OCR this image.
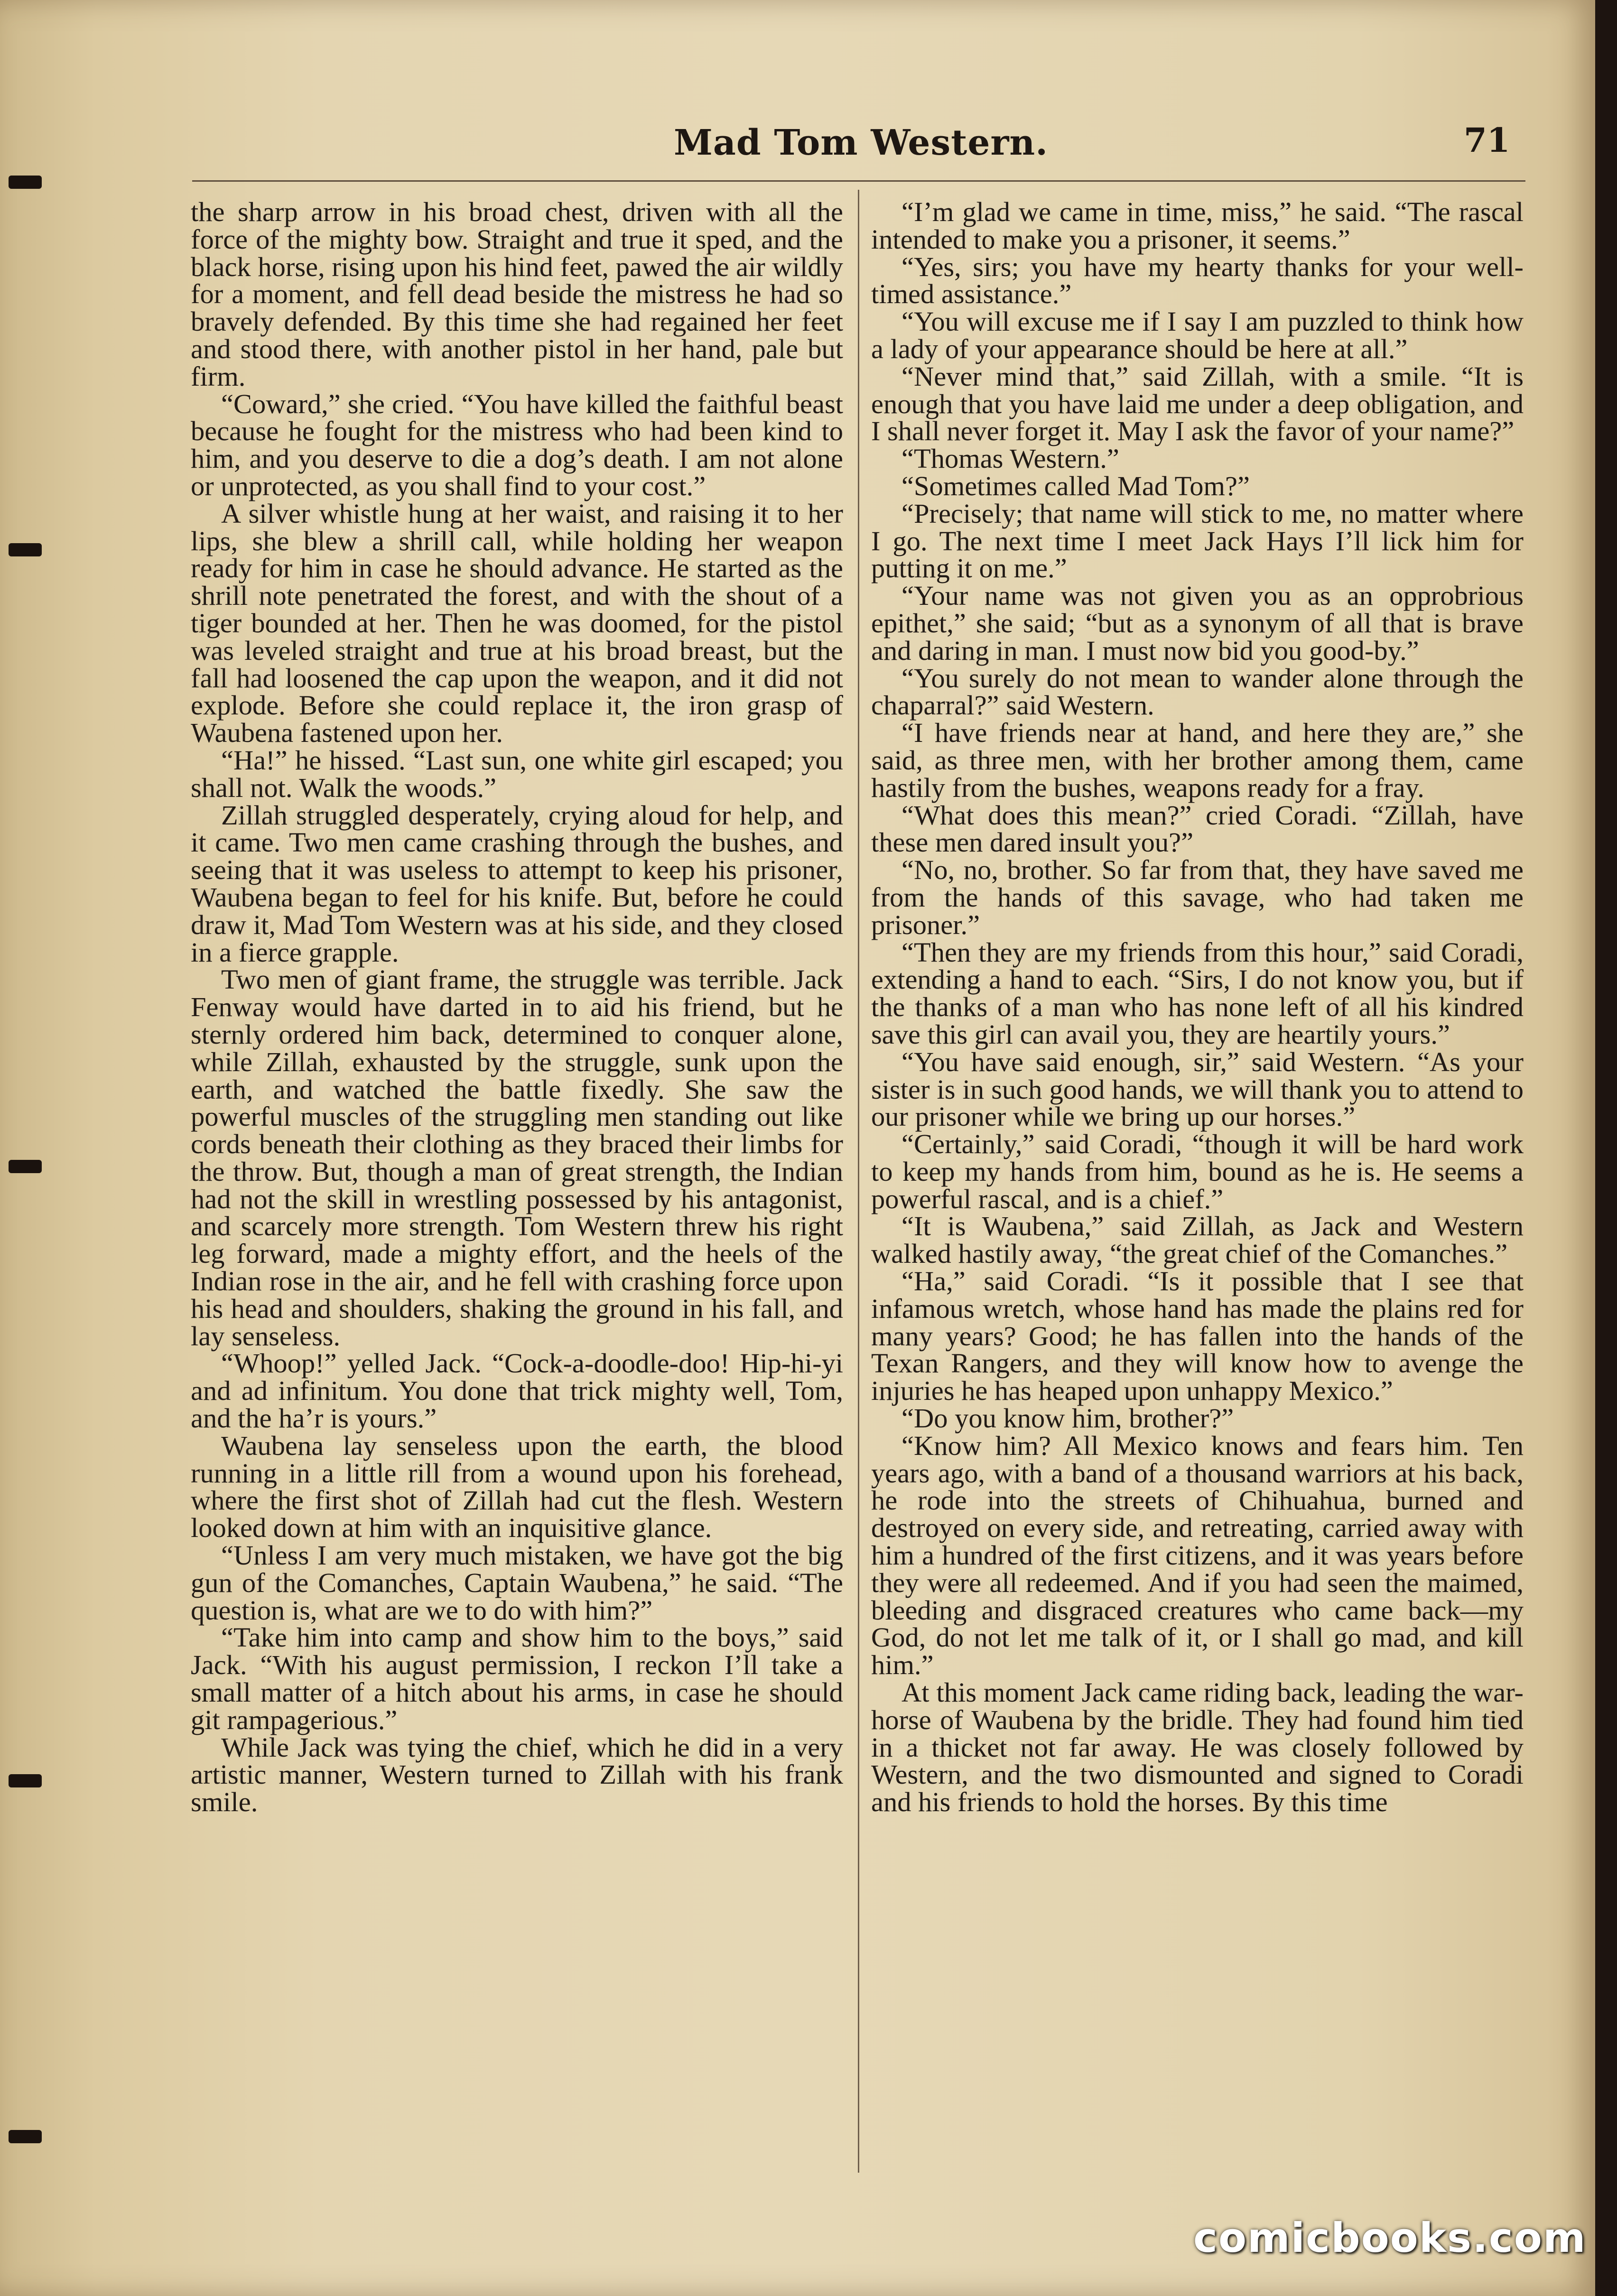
Mad Tom Western.	71

the sharp arrow in his broad chest, driven with all the force of the mighty bow. Straight and true it sped, and the black horse, rising upon his hind feet, pawed the air wildly for a moment, and fell dead beside the mistress he had so bravely defended. By this time she had regained her feet and stood there, with another pistol in her hand, pale but firm.

“Coward,” she cried. “You have killed the faithful beast because he fought for the mistress who had been kind to him, and you deserve to die a dog’s death. I am not alone or unprotected, as you shall find to your cost.”

A silver whistle hung at her waist, and raising it to her lips, she blew a shrill call, while holding her weapon ready for him in case he should advance. He started as the shrill note penetrated the forest, and with the shout of a tiger bounded at her. Then he was doomed, for the pistol was leveled straight and true at his broad breast, but the fall had loosened the cap upon the weapon, and it did not explode. Before she could replace it, the iron grasp of Waubena fastened upon her.

“Ha!” he hissed. “Last sun, one white girl escaped; you shall not. Walk the woods.”

Zillah struggled desperately, crying aloud for help, and it came. Two men came crashing through the bushes, and seeing that it was useless to attempt to keep his prisoner, Waubena began to feel for his knife. But, before he could draw it, Mad Tom Western was at his side, and they closed in a fierce grapple.

Two men of giant frame, the struggle was terrible. Jack Fenway would have darted in to aid his friend, but he sternly ordered him back, determined to conquer alone, while Zillah, exhausted by the struggle, sunk upon the earth, and watched the battle fixedly. She saw the powerful muscles of the struggling men standing out like cords beneath their clothing as they braced their limbs for the throw. But, though a man of great strength, the Indian had not the skill in wrestling possessed by his antagonist, and scarcely more strength. Tom Western threw his right leg forward, made a mighty effort, and the heels of the Indian rose in the air, and he fell with crashing force upon his head and shoulders, shaking the ground in his fall, and lay senseless.

“Whoop!” yelled Jack. “Cock-a-doodle-doo! Hip-hi-yi and ad infinitum. You done that trick mighty well, Tom, and the ha’r is yours.”

Waubena lay senseless upon the earth, the blood running in a little rill from a wound upon his forehead, where the first shot of Zillah had cut the flesh. Western looked down at him with an inquisitive glance.

“Unless I am very much mistaken, we have got the big gun of the Comanches, Captain Waubena,” he said. “The question is, what are we to do with him?”

“Take him into camp and show him to the boys,” said Jack. “With his august permission, I reckon I’ll take a small matter of a hitch about his arms, in case he should git rampagerious.”

While Jack was tying the chief, which he did in a very artistic manner, Western turned to Zillah with his frank smile.

“I’m glad we came in time, miss,” he said. “The rascal intended to make you a prisoner, it seems.”

“Yes, sirs; you have my hearty thanks for your well-timed assistance.”

“You will excuse me if I say I am puzzled to think how a lady of your appearance should be here at all.”

“Never mind that,” said Zillah, with a smile. “It is enough that you have laid me under a deep obligation, and I shall never forget it. May I ask the favor of your name?”

“Thomas Western.”

“Sometimes called Mad Tom?”

“Precisely; that name will stick to me, no matter where I go. The next time I meet Jack Hays I’ll lick him for putting it on me.”

“Your name was not given you as an opprobrious epithet,” she said; “but as a synonym of all that is brave and daring in man. I must now bid you good-by.”

“You surely do not mean to wander alone through the chaparral?” said Western.

“I have friends near at hand, and here they are,” she said, as three men, with her brother among them, came hastily from the bushes, weapons ready for a fray.

“What does this mean?” cried Coradi. “Zillah, have these men dared insult you?”

“No, no, brother. So far from that, they have saved me from the hands of this savage, who had taken me prisoner.”

“Then they are my friends from this hour,” said Coradi, extending a hand to each. “Sirs, I do not know you, but if the thanks of a man who has none left of all his kindred save this girl can avail you, they are heartily yours.”

“You have said enough, sir,” said Western. “As your sister is in such good hands, we will thank you to attend to our prisoner while we bring up our horses.”

“Certainly,” said Coradi, “though it will be hard work to keep my hands from him, bound as he is. He seems a powerful rascal, and is a chief.”

“It is Waubena,” said Zillah, as Jack and Western walked hastily away, “the great chief of the Comanches.”

“Ha,” said Coradi. “Is it possible that I see that infamous wretch, whose hand has made the plains red for many years? Good; he has fallen into the hands of the Texan Rangers, and they will know how to avenge the injuries he has heaped upon unhappy Mexico.”

“Do you know him, brother?”

“Know him? All Mexico knows and fears him. Ten years ago, with a band of a thousand warriors at his back, he rode into the streets of Chihuahua, burned and destroyed on every side, and retreating, carried away with him a hundred of the first citizens, and it was years before they were all redeemed. And if you had seen the maimed, bleeding and disgraced creatures who came back—my God, do not let me talk of it, or I shall go mad, and kill him.”

At this moment Jack came riding back, leading the war-horse of Waubena by the bridle. They had found him tied in a thicket not far away. He was closely followed by Western, and the two dismounted and signed to Coradi and his friends to hold the horses. By this time

comicbooks.com
